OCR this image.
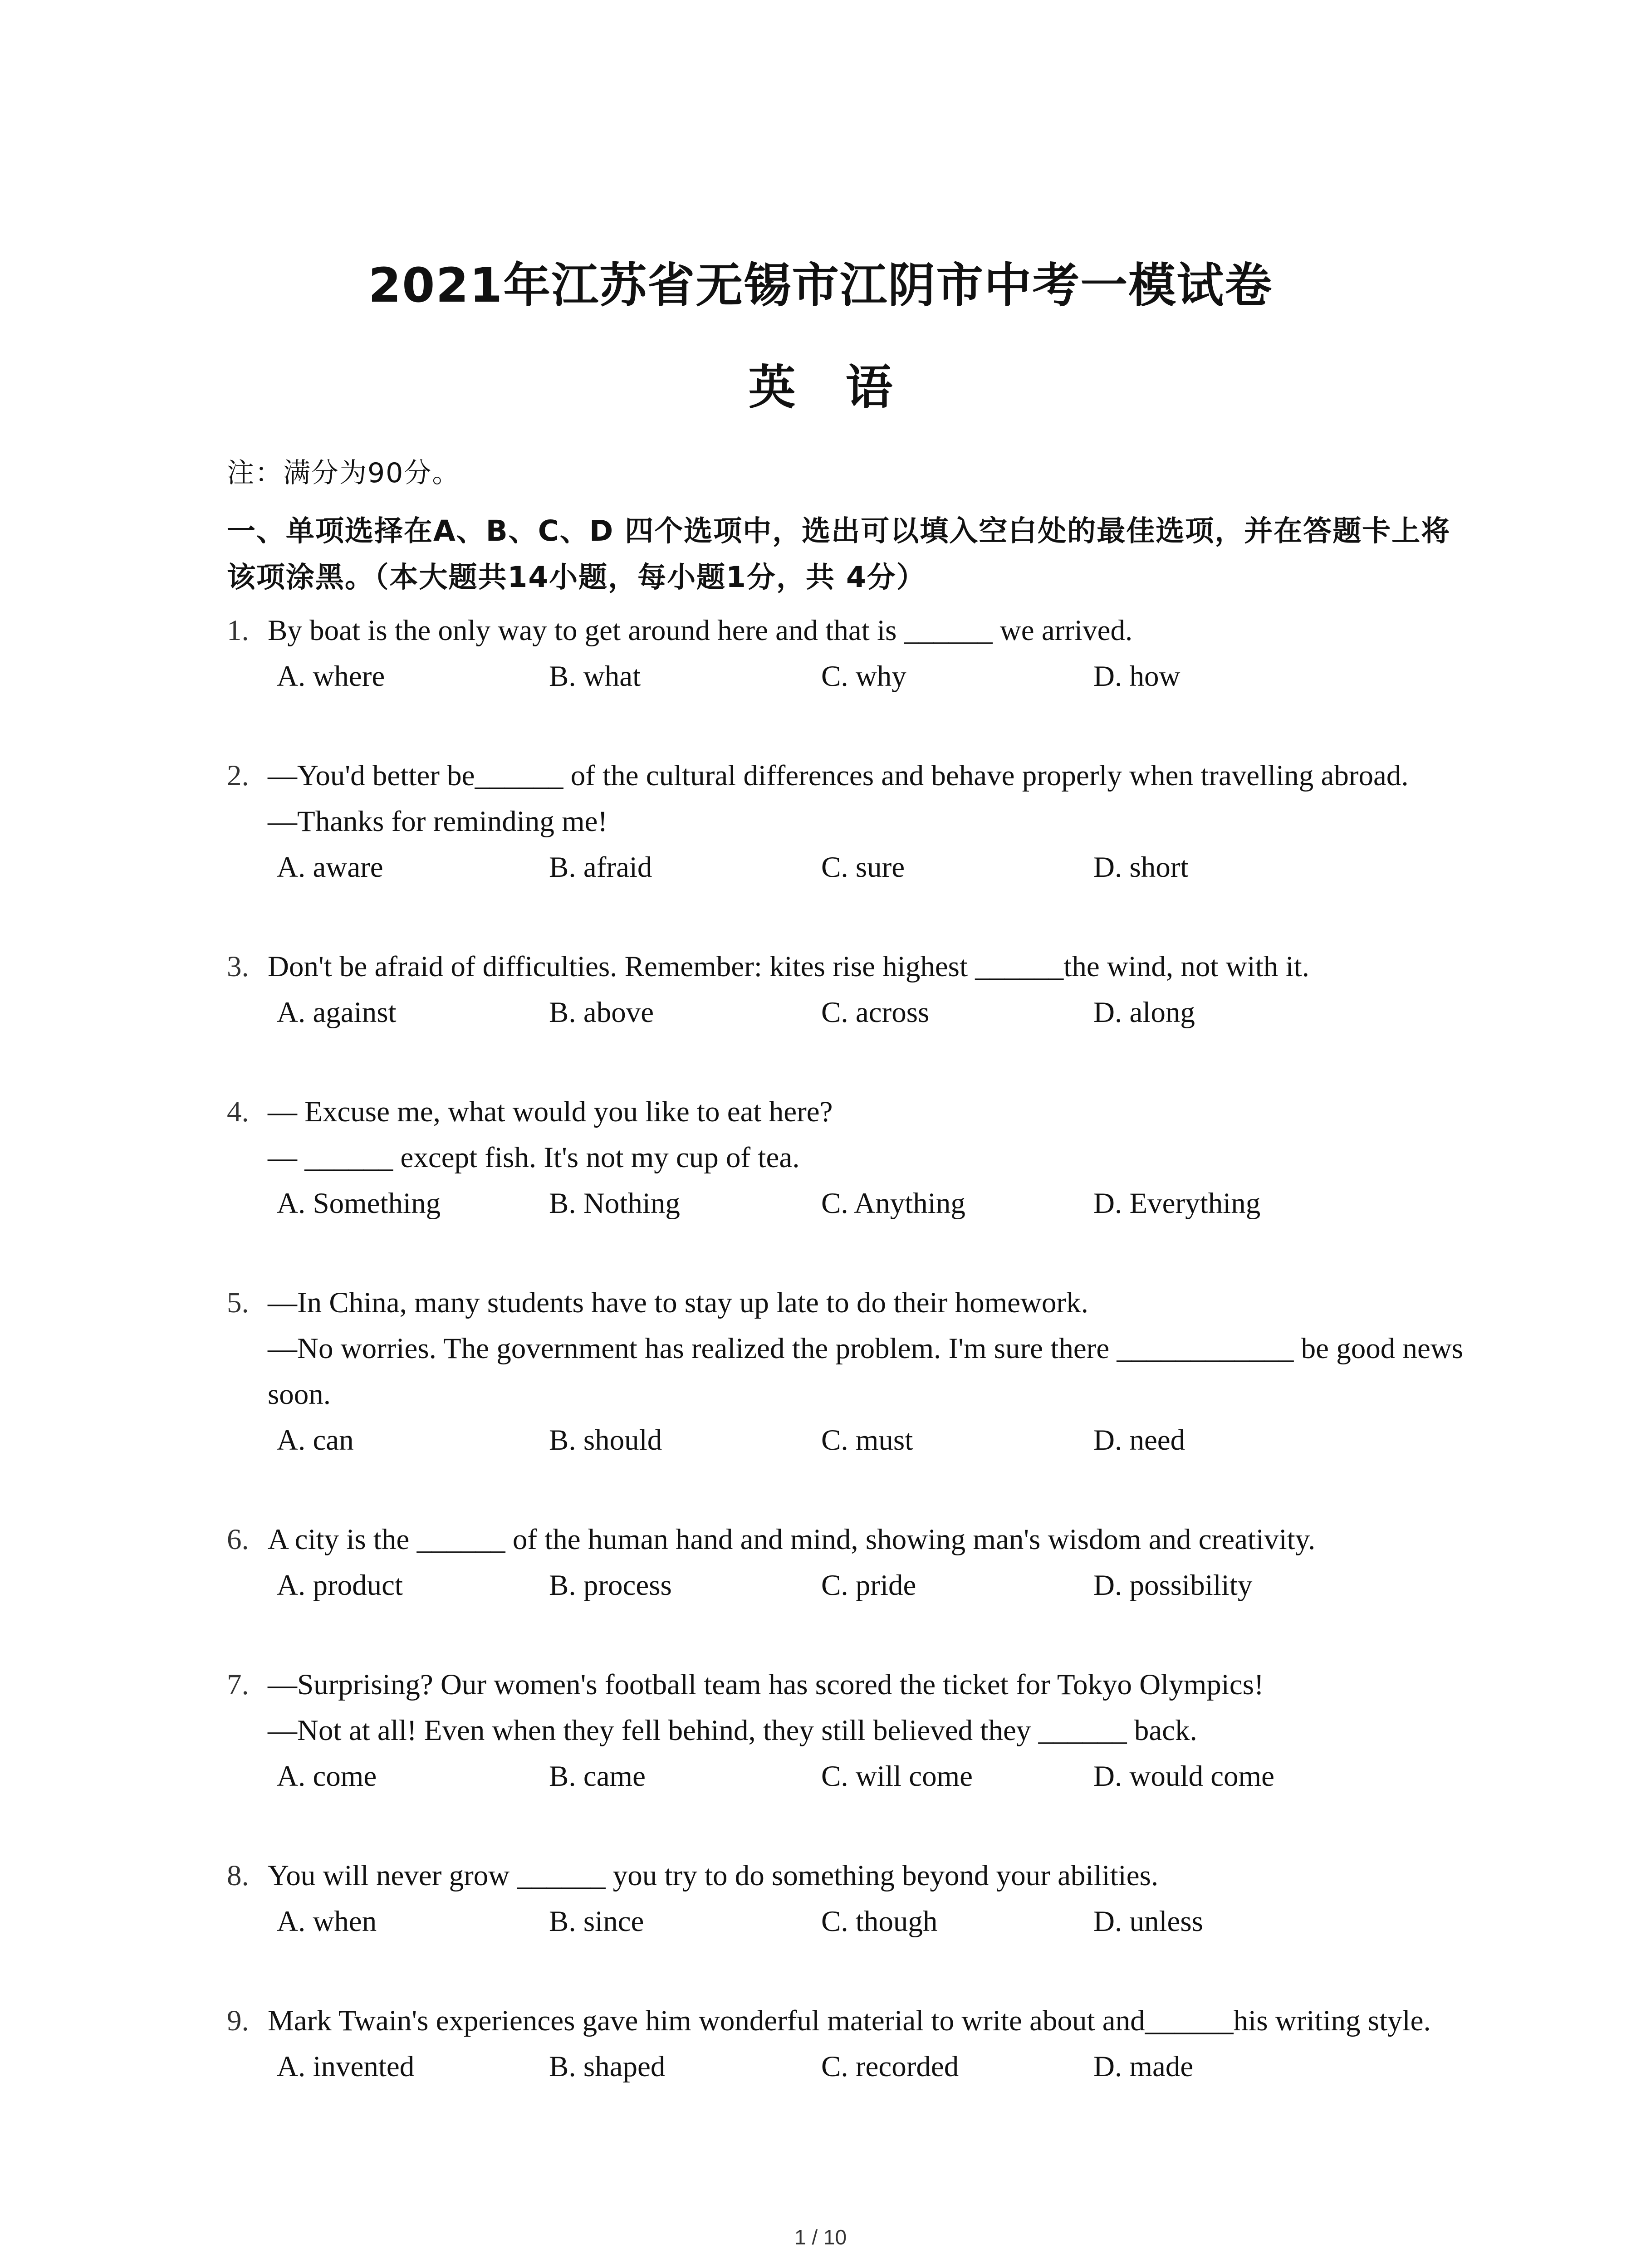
2021年江苏省无锡市江阴市中考一模试卷
英语
注：满分为90分。
一、单项选择在A、B、C、D 四个选项中，选出可以填入空白处的最佳选项，并在答题卡上将该项涂黑。（本大题共14小题，每小题1分，共 4分）
1. By boat is the only way to get around here and that is ______ we arrived.
A. where	B. what	C. why	D. how
2. —You'd better be______ of the cultural differences and behave properly when travelling abroad.
—Thanks for reminding me!
A. aware	B. afraid	C. sure	D. short
3. Don't be afraid of difficulties. Remember: kites rise highest ______the wind, not with it.
A. against	B. above	C. across	D. along
4. — Excuse me, what would you like to eat here?
— ______ except fish. It's not my cup of tea.
A. Something	B. Nothing	C. Anything	D. Everything
5. —In China, many students have to stay up late to do their homework.
—No worries. The government has realized the problem. I'm sure there ____________ be good news soon.
A. can	B. should	C. must	D. need
6. A city is the ______ of the human hand and mind, showing man's wisdom and creativity.
A. product	B. process	C. pride	D. possibility
7. —Surprising? Our women's football team has scored the ticket for Tokyo Olympics!
—Not at all! Even when they fell behind, they still believed they ______ back.
A. come	B. came	C. will come	D. would come
8. You will never grow ______ you try to do something beyond your abilities.
A. when	B. since	C. though	D. unless
9. Mark Twain's experiences gave him wonderful material to write about and______his writing style.
A. invented	B. shaped	C. recorded	D. made
1 / 10
